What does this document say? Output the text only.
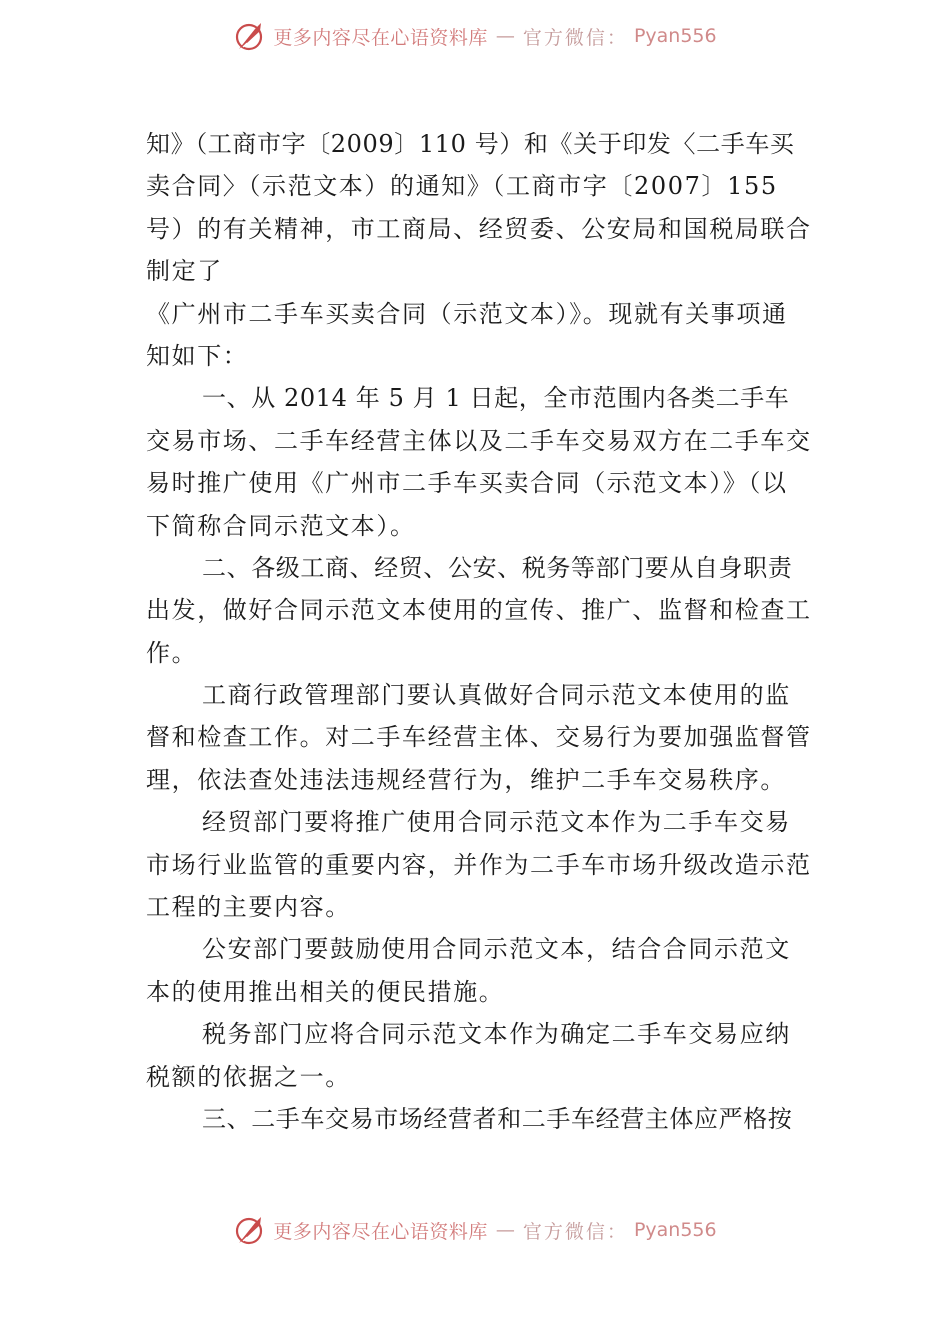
更多内容尽在心语资料库 — 官方微信： Pyan556
知》（工商市字〔2009〕110 号）和《关于印发〈二手车买
卖合同〉（示范文本）的通知》（工商市字〔2007〕155
号）的有关精神，市工商局、经贸委、公安局和国税局联合
制定了
《广州市二手车买卖合同（示范文本）》。现就有关事项通
知如下：
一、从 2014 年 5 月 1 日起，全市范围内各类二手车
交易市场、二手车经营主体以及二手车交易双方在二手车交
易时推广使用《广州市二手车买卖合同（示范文本）》（以
下简称合同示范文本）。
二、各级工商、经贸、公安、税务等部门要从自身职责
出发，做好合同示范文本使用的宣传、推广、监督和检查工
作。
工商行政管理部门要认真做好合同示范文本使用的监
督和检查工作。对二手车经营主体、交易行为要加强监督管
理，依法查处违法违规经营行为，维护二手车交易秩序。
经贸部门要将推广使用合同示范文本作为二手车交易
市场行业监管的重要内容，并作为二手车市场升级改造示范
工程的主要内容。
公安部门要鼓励使用合同示范文本，结合合同示范文
本的使用推出相关的便民措施。
税务部门应将合同示范文本作为确定二手车交易应纳
税额的依据之一。
三、二手车交易市场经营者和二手车经营主体应严格按
更多内容尽在心语资料库 — 官方微信： Pyan556
